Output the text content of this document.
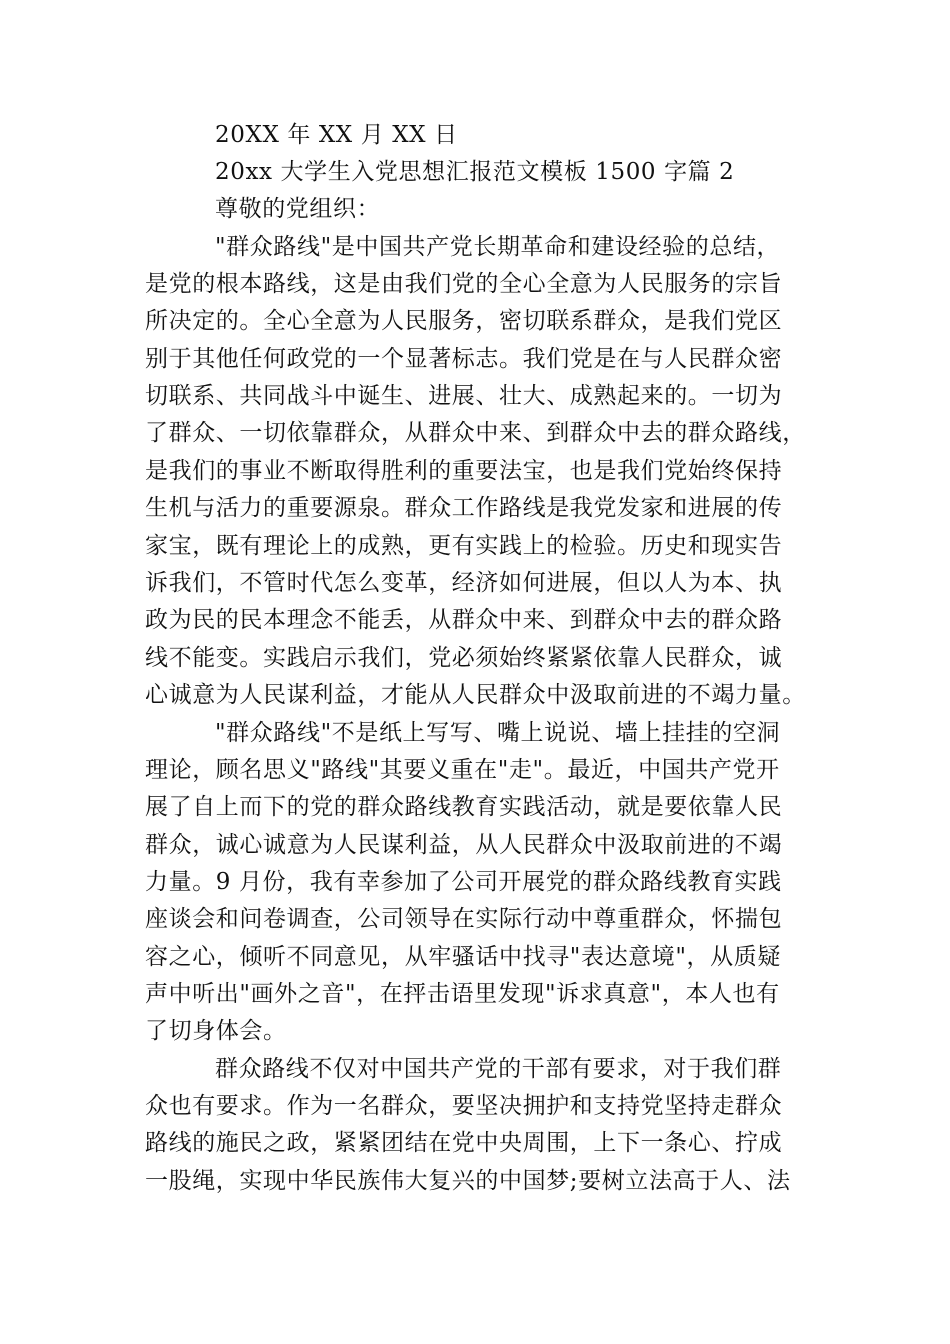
20XX 年 XX 月 XX 日
20xx 大学生入党思想汇报范文模板 1500 字篇 2
尊敬的党组织：
"群众路线"是中国共产党长期革命和建设经验的总结，
是党的根本路线，这是由我们党的全心全意为人民服务的宗旨
所决定的。全心全意为人民服务，密切联系群众，是我们党区
别于其他任何政党的一个显著标志。我们党是在与人民群众密
切联系、共同战斗中诞生、进展、壮大、成熟起来的。一切为
了群众、一切依靠群众，从群众中来、到群众中去的群众路线，
是我们的事业不断取得胜利的重要法宝，也是我们党始终保持
生机与活力的重要源泉。群众工作路线是我党发家和进展的传
家宝，既有理论上的成熟，更有实践上的检验。历史和现实告
诉我们，不管时代怎么变革，经济如何进展，但以人为本、执
政为民的民本理念不能丢，从群众中来、到群众中去的群众路
线不能变。实践启示我们，党必须始终紧紧依靠人民群众，诚
心诚意为人民谋利益，才能从人民群众中汲取前进的不竭力量。
"群众路线"不是纸上写写、嘴上说说、墙上挂挂的空洞
理论，顾名思义"路线"其要义重在"走"。最近，中国共产党开
展了自上而下的党的群众路线教育实践活动，就是要依靠人民
群众，诚心诚意为人民谋利益，从人民群众中汲取前进的不竭
力量。9 月份，我有幸参加了公司开展党的群众路线教育实践
座谈会和问卷调查，公司领导在实际行动中尊重群众，怀揣包
容之心，倾听不同意见，从牢骚话中找寻"表达意境"，从质疑
声中听出"画外之音"，在抨击语里发现"诉求真意"，本人也有
了切身体会。
群众路线不仅对中国共产党的干部有要求，对于我们群
众也有要求。作为一名群众，要坚决拥护和支持党坚持走群众
路线的施民之政，紧紧团结在党中央周围，上下一条心、拧成
一股绳，实现中华民族伟大复兴的中国梦;要树立法高于人、法
